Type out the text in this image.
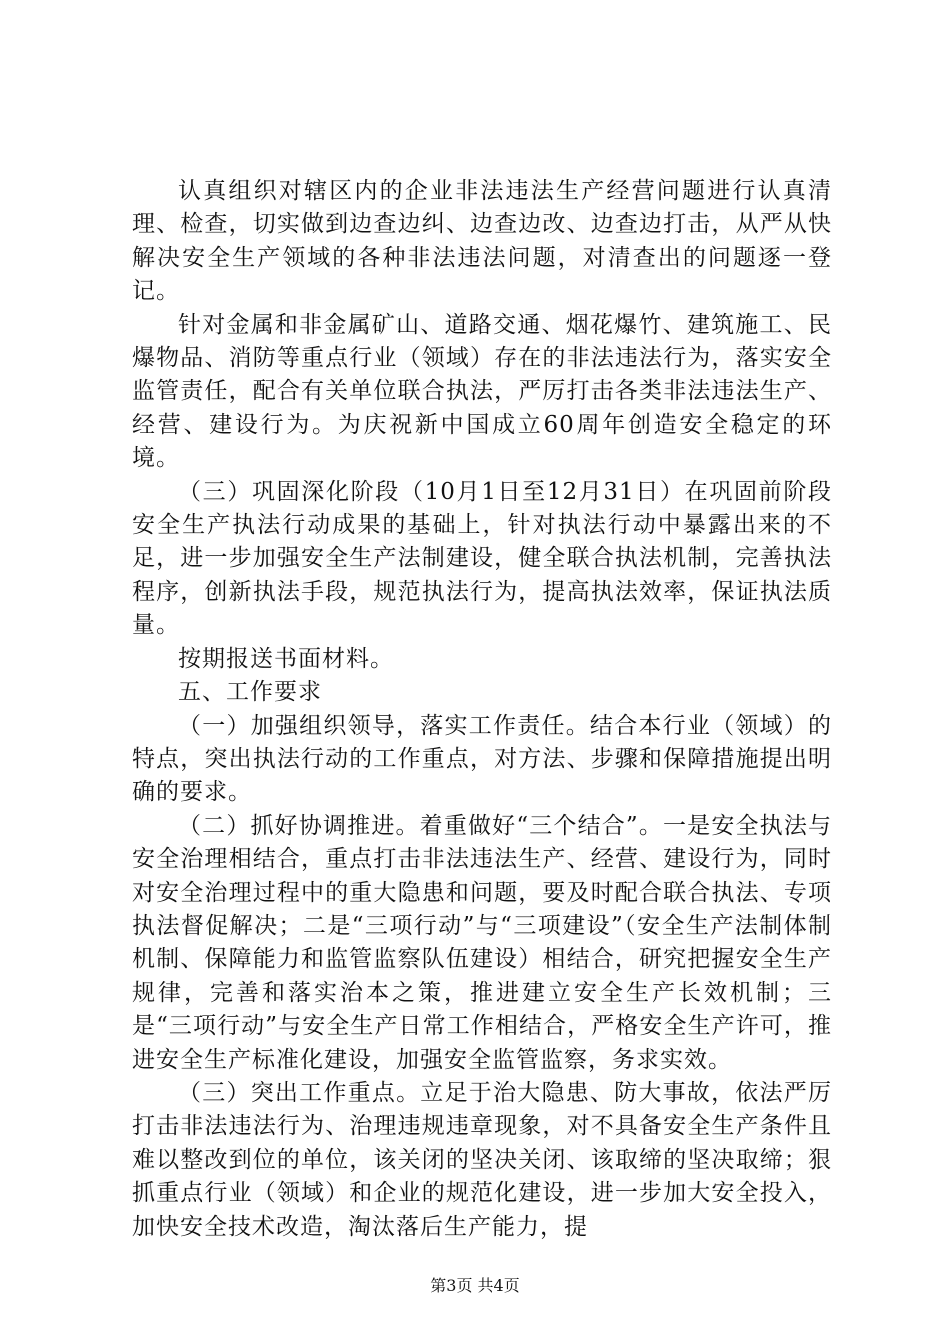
认真组织对辖区内的企业非法违法生产经营问题进行认真清理、检查，切实做到边查边纠、边查边改、边查边打击，从严从快解决安全生产领域的各种非法违法问题，对清查出的问题逐一登记。

针对金属和非金属矿山、道路交通、烟花爆竹、建筑施工、民爆物品、消防等重点行业（领域）存在的非法违法行为，落实安全监管责任，配合有关单位联合执法，严厉打击各类非法违法生产、经营、建设行为。为庆祝新中国成立60周年创造安全稳定的环境。

（三）巩固深化阶段（10月1日至12月31日）在巩固前阶段安全生产执法行动成果的基础上，针对执法行动中暴露出来的不足，进一步加强安全生产法制建设，健全联合执法机制，完善执法程序，创新执法手段，规范执法行为，提高执法效率，保证执法质量。

按期报送书面材料。

五、工作要求

（一）加强组织领导，落实工作责任。结合本行业（领域）的特点，突出执法行动的工作重点，对方法、步骤和保障措施提出明确的要求。

（二）抓好协调推进。着重做好“三个结合”。一是安全执法与安全治理相结合，重点打击非法违法生产、经营、建设行为，同时对安全治理过程中的重大隐患和问题，要及时配合联合执法、专项执法督促解决；二是“三项行动”与“三项建设”（安全生产法制体制机制、保障能力和监管监察队伍建设）相结合，研究把握安全生产规律，完善和落实治本之策，推进建立安全生产长效机制；三是“三项行动”与安全生产日常工作相结合，严格安全生产许可，推进安全生产标准化建设，加强安全监管监察，务求实效。

（三）突出工作重点。立足于治大隐患、防大事故，依法严厉打击非法违法行为、治理违规违章现象，对不具备安全生产条件且难以整改到位的单位，该关闭的坚决关闭、该取缔的坚决取缔；狠抓重点行业（领域）和企业的规范化建设，进一步加大安全投入，加快安全技术改造，淘汰落后生产能力，提

第3页 共4页
